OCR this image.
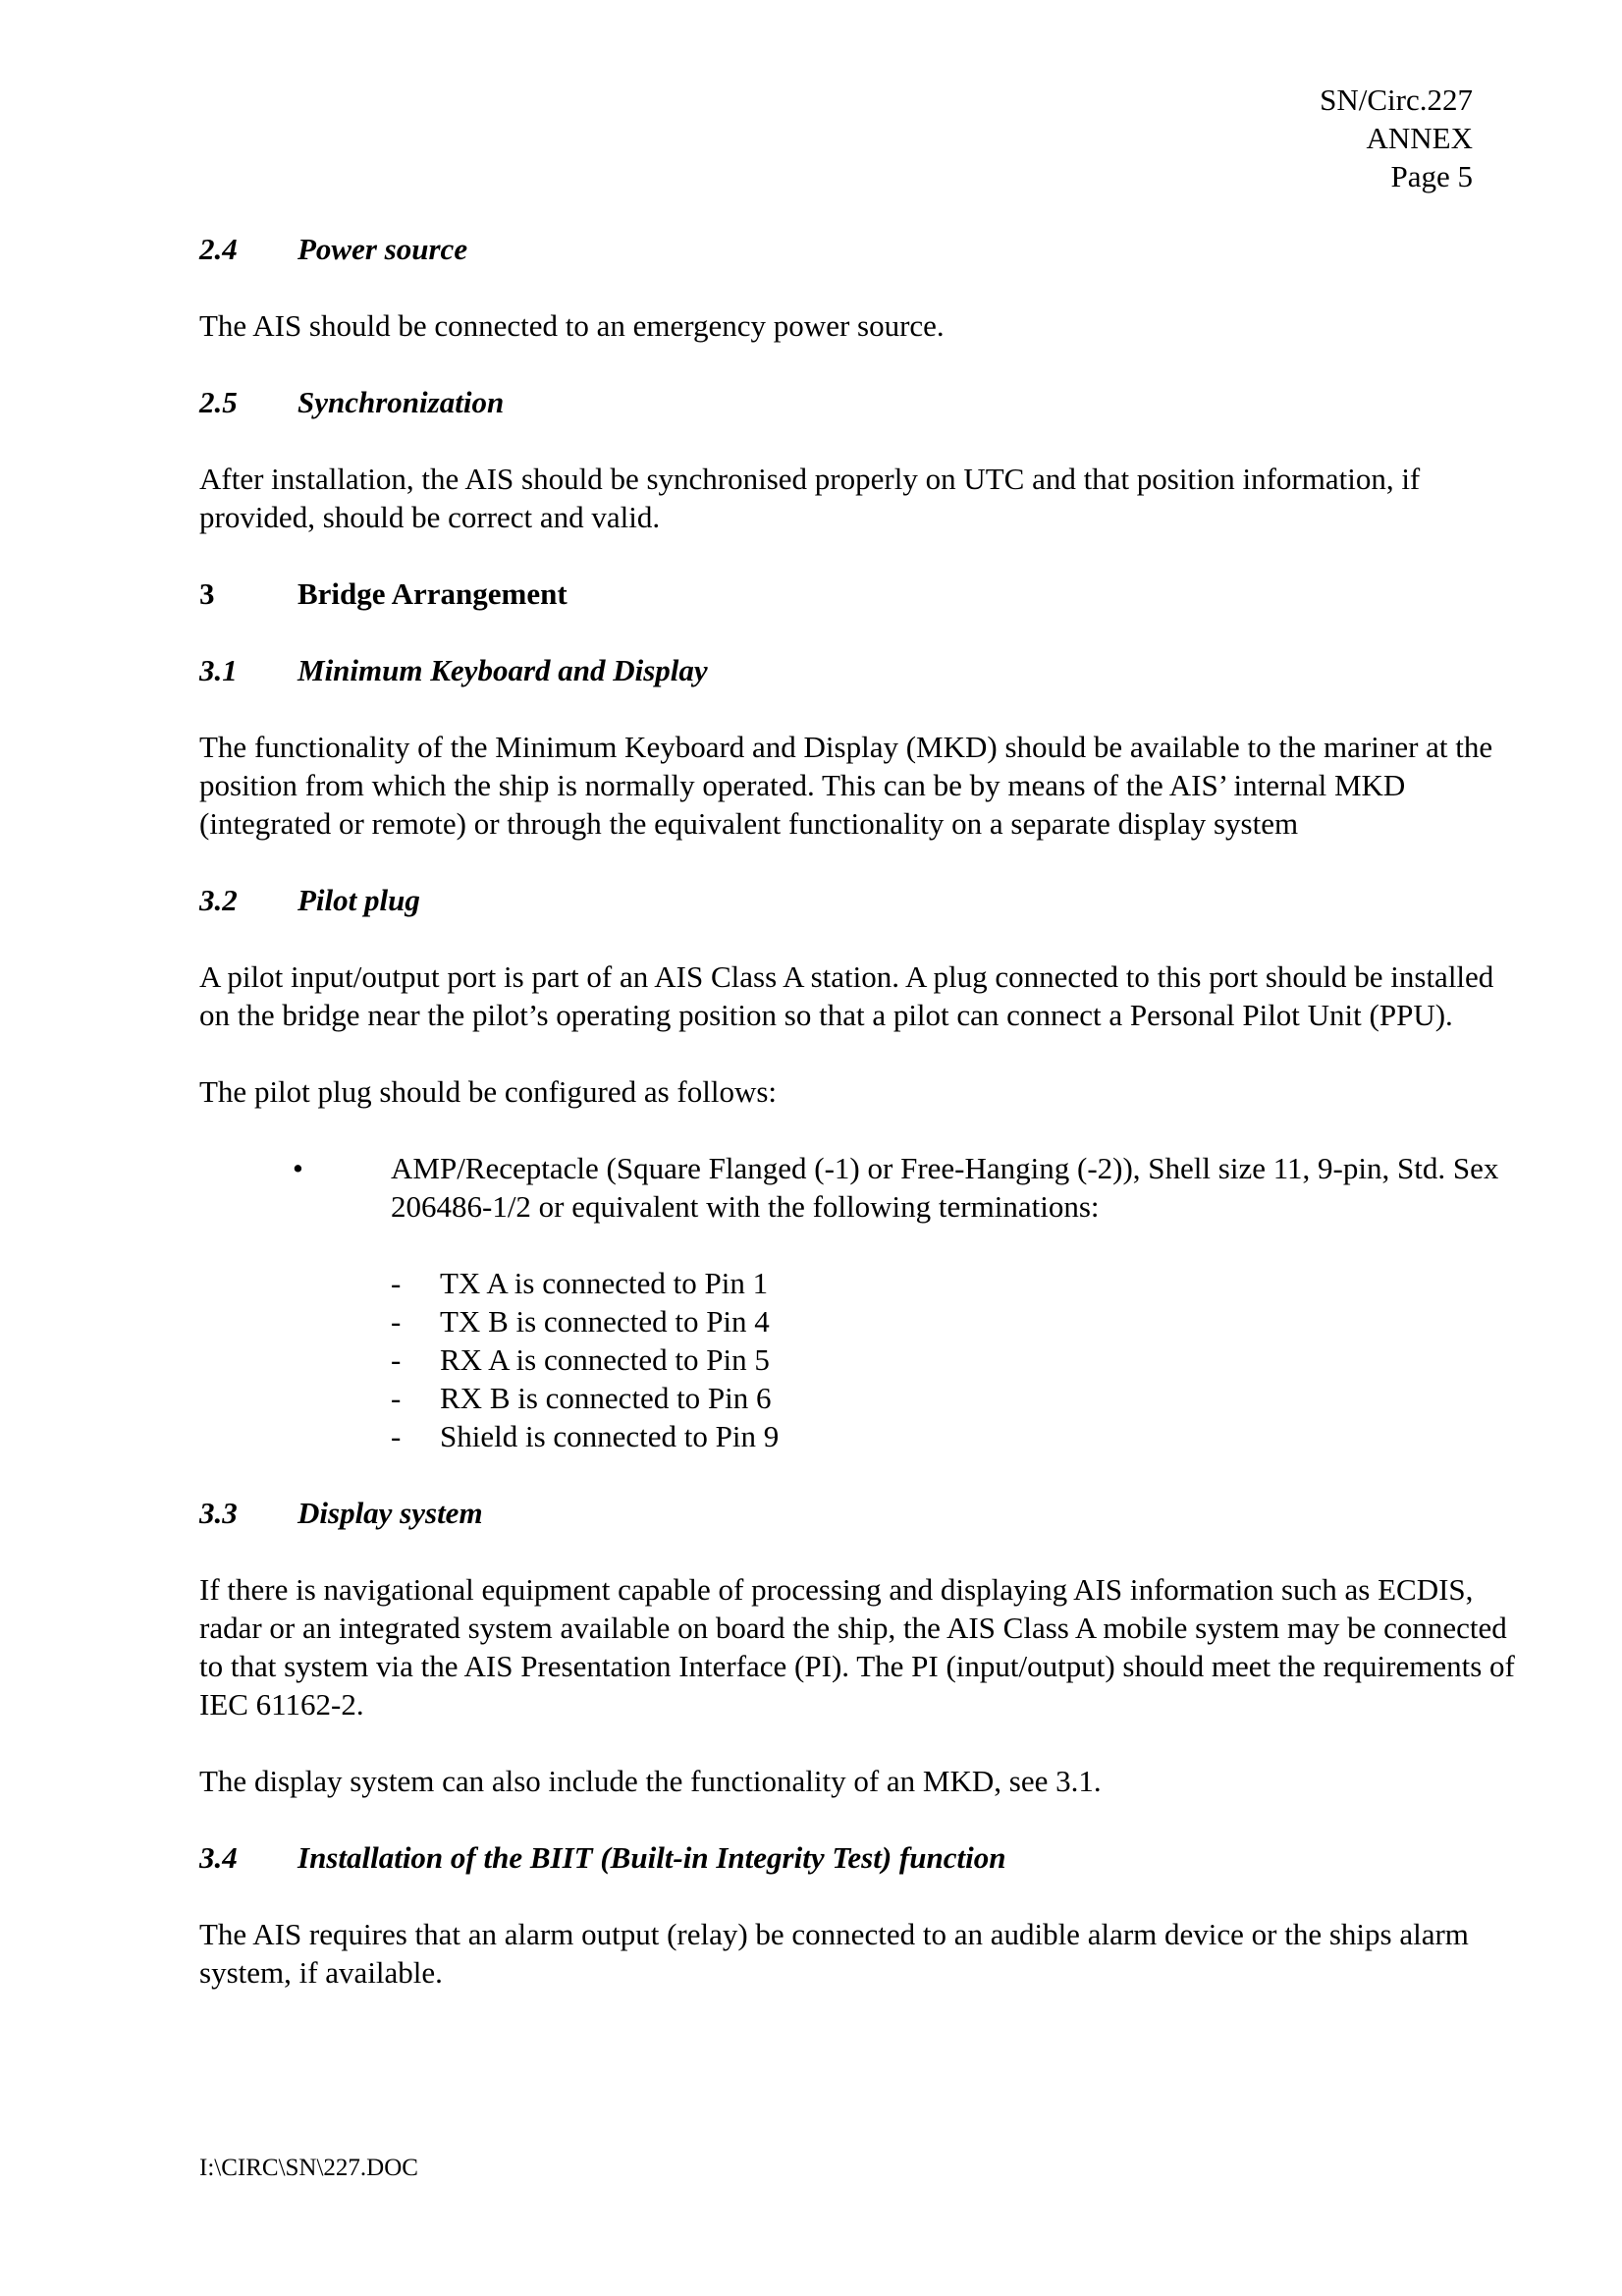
SN/Circ.227
ANNEX
Page 5
2.4	Power source

The AIS should be connected to an emergency power source.

2.5	Synchronization

After installation, the AIS should be synchronised properly on UTC and that position information, if provided, should be correct and valid.

3	Bridge Arrangement
3.1	Minimum Keyboard and Display

The functionality of the Minimum Keyboard and Display (MKD) should be available to the mariner at the position from which the ship is normally operated. This can be by means of the AIS’ internal MKD (integrated or remote) or through the equivalent functionality on a separate display system

3.2	Pilot plug

A pilot input/output port is part of an AIS Class A station. A plug connected to this port should be installed on the bridge near the pilot’s operating position so that a pilot can connect a Personal Pilot Unit (PPU).

The pilot plug should be configured as follows:

•	AMP/Receptacle (Square Flanged (-1) or Free-Hanging (-2)), Shell size 11, 9-pin, Std. Sex 206486-1/2 or equivalent with the following terminations:
-	TX A is connected to Pin 1
-	TX B is connected to Pin 4
-	RX A is connected to Pin 5
-	RX B is connected to Pin 6
-	Shield is connected to Pin 9
3.3	Display system

If there is navigational equipment capable of processing and displaying AIS information such as ECDIS, radar or an integrated system available on board the ship, the AIS Class A mobile system may be connected to that system via the AIS Presentation Interface (PI). The PI (input/output) should meet the requirements of IEC 61162-2.

The display system can also include the functionality of an MKD, see 3.1.

3.4	Installation of the BIIT (Built-in Integrity Test) function

The AIS requires that an alarm output (relay) be connected to an audible alarm device or the ships alarm system, if available.

I:\CIRC\SN\227.DOC
